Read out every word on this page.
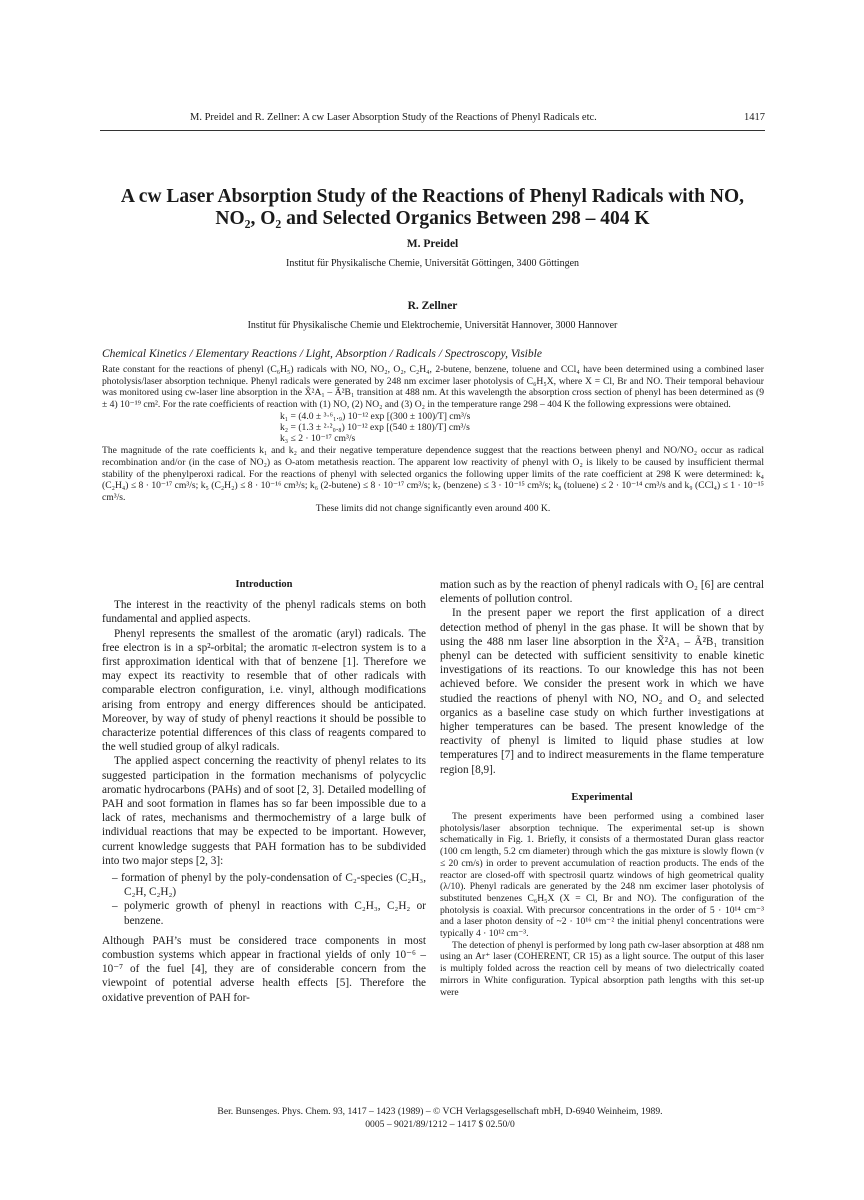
M. Preidel and R. Zellner: A cw Laser Absorption Study of the Reactions of Phenyl Radicals etc.	1417
A cw Laser Absorption Study of the Reactions of Phenyl Radicals with NO,
NO₂, O₂ and Selected Organics Between 298 – 404 K
M. Preidel
Institut für Physikalische Chemie, Universität Göttingen, 3400 Göttingen
R. Zellner
Institut für Physikalische Chemie und Elektrochemie, Universität Hannover, 3000 Hannover
Chemical Kinetics / Elementary Reactions / Light, Absorption / Radicals / Spectroscopy, Visible

Rate constant for the reactions of phenyl (C₆H₅) radicals with NO, NO₂, O₂, C₂H₄, 2-butene, benzene, toluene and CCl₄ have been determined using a combined laser photolysis/laser absorption technique. Phenyl radicals were generated by 248 nm excimer laser photolysis of C₆H₅X, where X = Cl, Br and NO. Their temporal behaviour was monitored using cw-laser line absorption in the X̃²A₁ – Ã²B₁ transition at 488 nm. At this wavelength the absorption cross section of phenyl has been determined as (9 ± 4) 10⁻¹⁹ cm². For the rate coefficients of reaction with (1) NO, (2) NO₂ and (3) O₂ in the temperature range 298 – 404 K the following expressions were obtained.

k₁ = (4.0 ± ³·⁶₁.₉) 10⁻¹² exp [(300 ± 100)/T] cm³/s
k₂ = (1.3 ± ²·²₀.₈) 10⁻¹² exp [(540 ± 180)/T] cm³/s
k₃ ≤ 2 · 10⁻¹⁷ cm³/s

The magnitude of the rate coefficients k₁ and k₂ and their negative temperature dependence suggest that the reactions between phenyl and NO/NO₂ occur as radical recombination and/or (in the case of NO₂) as O-atom metathesis reaction. The apparent low reactivity of phenyl with O₂ is likely to be caused by insufficient thermal stability of the phenylperoxi radical. For the reactions of phenyl with selected organics the following upper limits of the rate coefficient at 298 K were determined: k₄ (C₂H₄) ≤ 8 · 10⁻¹⁷ cm³/s; k₅ (C₂H₂) ≤ 8 · 10⁻¹⁶ cm³/s; k₆ (2-butene) ≤ 8 · 10⁻¹⁷ cm³/s; k₇ (benzene) ≤ 3 · 10⁻¹⁵ cm³/s; k₈ (toluene) ≤ 2 · 10⁻¹⁴ cm³/s and k₉ (CCl₄) ≤ 1 · 10⁻¹⁵ cm³/s.

These limits did not change significantly even around 400 K.

Introduction

The interest in the reactivity of the phenyl radicals stems on both fundamental and applied aspects.

Phenyl represents the smallest of the aromatic (aryl) radicals. The free electron is in a sp²-orbital; the aromatic π-electron system is to a first approximation identical with that of benzene [1]. Therefore we may expect its reactivity to resemble that of other radicals with comparable electron configuration, i.e. vinyl, although modifications arising from entropy and energy differences should be anticipated. Moreover, by way of study of phenyl reactions it should be possible to characterize potential differences of this class of reagents compared to the well studied group of alkyl radicals.

The applied aspect concerning the reactivity of phenyl relates to its suggested participation in the formation mechanisms of polycyclic aromatic hydrocarbons (PAHs) and of soot [2, 3]. Detailed modelling of PAH and soot formation in flames has so far been impossible due to a lack of rates, mechanisms and thermochemistry of a large bulk of individual reactions that may be expected to be important. However, current knowledge suggests that PAH formation has to be subdivided into two major steps [2, 3]:

– formation of phenyl by the poly-condensation of C₂-species (C₂H₃, C₂H, C₂H₂)
– polymeric growth of phenyl in reactions with C₂H₃, C₂H₂ or benzene.

Although PAH’s must be considered trace components in most combustion systems which appear in fractional yields of only 10⁻⁶ – 10⁻⁷ of the fuel [4], they are of considerable concern from the viewpoint of potential adverse health effects [5]. Therefore the oxidative prevention of PAH for-

mation such as by the reaction of phenyl radicals with O₂ [6] are central elements of pollution control.

In the present paper we report the first application of a direct detection method of phenyl in the gas phase. It will be shown that by using the 488 nm laser line absorption in the X̃²A₁ – Ã²B₁ transition phenyl can be detected with sufficient sensitivity to enable kinetic investigations of its reactions. To our knowledge this has not been achieved before. We consider the present work in which we have studied the reactions of phenyl with NO, NO₂ and O₂ and selected organics as a baseline case study on which further investigations at higher temperatures can be based. The present knowledge of the reactivity of phenyl is limited to liquid phase studies at low temperatures [7] and to indirect measurements in the flame temperature region [8,9].

Experimental

The present experiments have been performed using a combined laser photolysis/laser absorption technique. The experimental set-up is shown schematically in Fig. 1. Briefly, it consists of a thermostated Duran glass reactor (100 cm length, 5.2 cm diameter) through which the gas mixture is slowly flown (v ≤ 20 cm/s) in order to prevent accumulation of reaction products. The ends of the reactor are closed-off with spectrosil quartz windows of high geometrical quality (λ/10). Phenyl radicals are generated by the 248 nm excimer laser photolysis of substituted benzenes C₆H₅X (X = Cl, Br and NO). The configuration of the photolysis is coaxial. With precursor concentrations in the order of 5 · 10¹⁴ cm⁻³ and a laser photon density of ~2 · 10¹⁶ cm⁻² the initial phenyl concentrations were typically 4 · 10¹² cm⁻³.

The detection of phenyl is performed by long path cw-laser absorption at 488 nm using an Ar⁺ laser (COHERENT, CR 15) as a light source. The output of this laser is multiply folded across the reaction cell by means of two dielectrically coated mirrors in White configuration. Typical absorption path lengths with this set-up were

Ber. Bunsenges. Phys. Chem. 93, 1417 – 1423 (1989) – © VCH Verlagsgesellschaft mbH, D-6940 Weinheim, 1989.
0005 – 9021/89/1212 – 1417 $ 02.50/0
